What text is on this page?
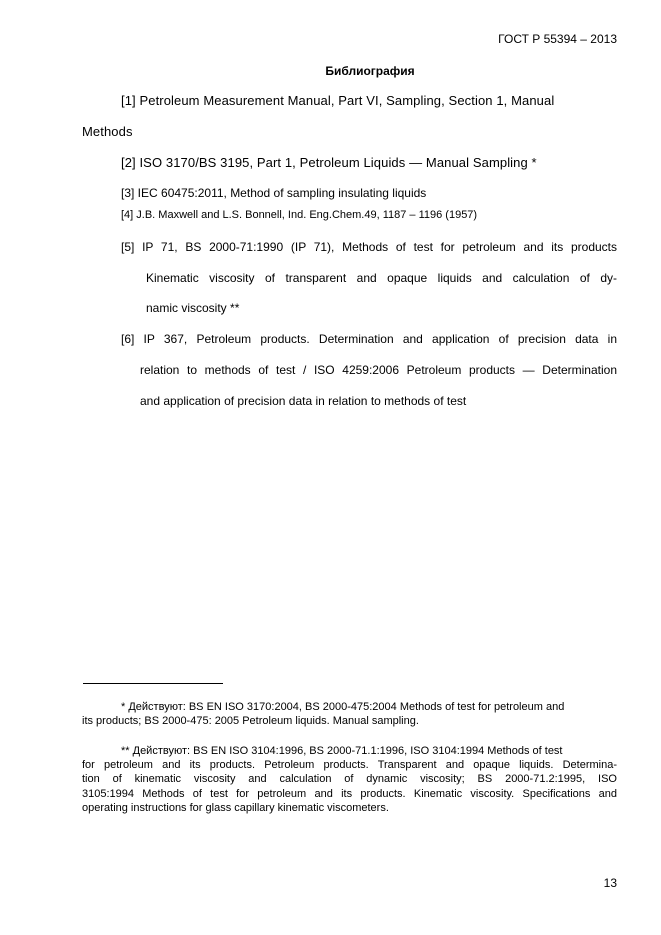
ГОСТ Р 55394 – 2013
Библиография
[1] Petroleum Measurement Manual, Part VI, Sampling, Section 1, Manual
Methods
[2] ISO 3170/BS 3195, Part 1, Petroleum Liquids — Manual Sampling *
[3] IEC 60475:2011, Method of sampling insulating liquids
[4] J.B. Maxwell and L.S. Bonnell, Ind. Eng.Chem.49, 1187 – 1196 (1957)
[5] IP 71, BS 2000-71:1990 (IP 71), Methods of test for petroleum and its products
Kinematic viscosity of transparent and opaque liquids and calculation of dy-
namic viscosity **
[6] IP 367, Petroleum products. Determination and application of precision data in
relation to methods of test / ISO 4259:2006 Petroleum products — Determination
and application of precision data in relation to methods of test
* Действуют: BS EN ISO 3170:2004, BS 2000-475:2004 Methods of test for petroleum and
its products; BS 2000-475: 2005 Petroleum liquids. Manual sampling.
** Действуют: BS EN ISO 3104:1996, BS 2000-71.1:1996, ISO 3104:1994 Methods of test
for petroleum and its products. Petroleum products. Transparent and opaque liquids. Determina-
tion of kinematic viscosity and calculation of dynamic viscosity; BS 2000-71.2:1995, ISO
3105:1994 Methods of test for petroleum and its products. Kinematic viscosity. Specifications and
operating instructions for glass capillary kinematic viscometers.
13
